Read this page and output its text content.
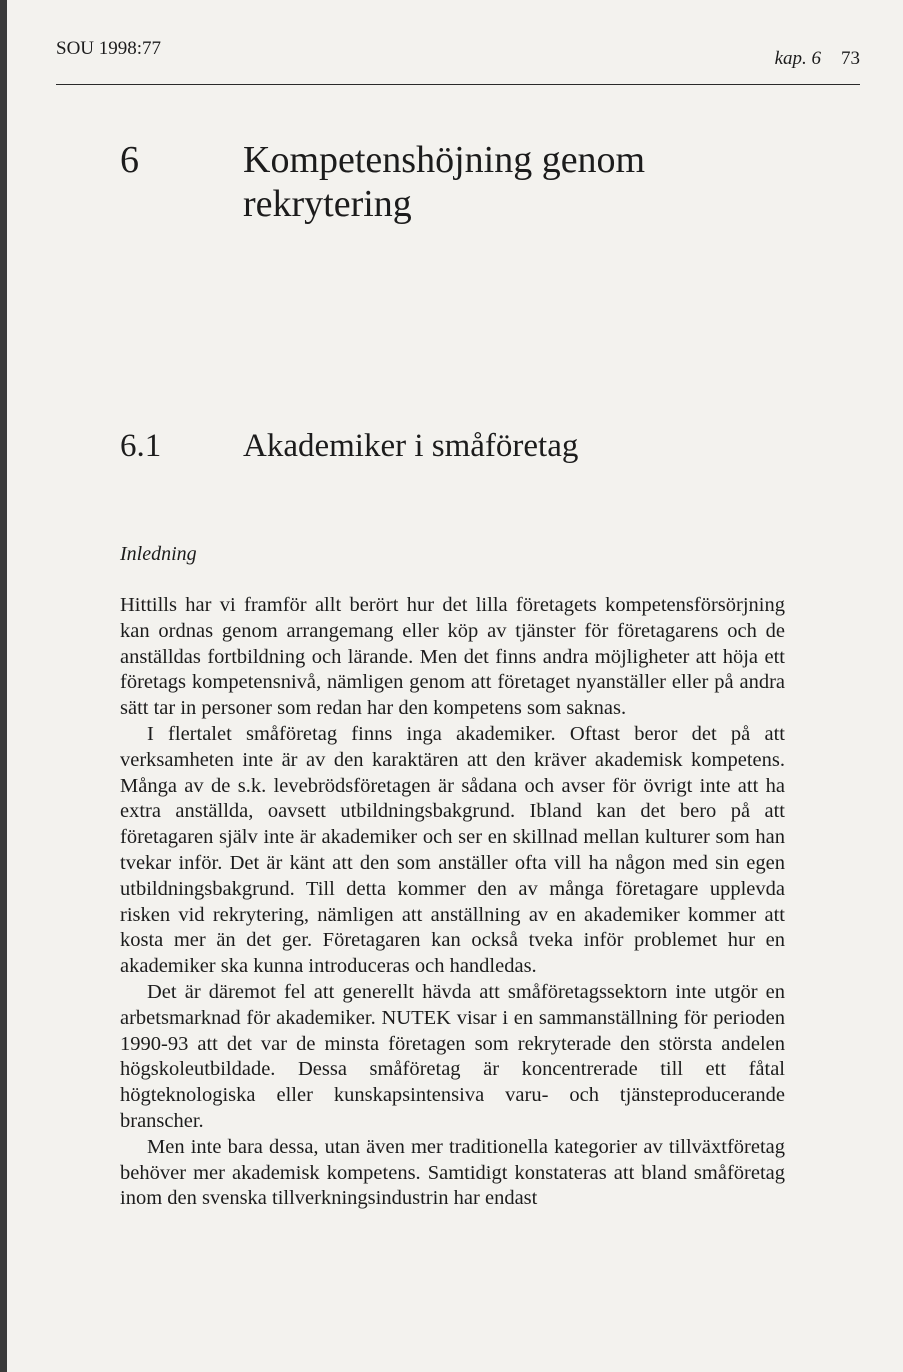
SOU 1998:77	kap. 6 73
6	Kompetenshöjning genom rekrytering
6.1 Akademiker i småföretag
Inledning

Hittills har vi framför allt berört hur det lilla företagets kompetensförsörjning kan ordnas genom arrangemang eller köp av tjänster för företagarens och de anställdas fortbildning och lärande. Men det finns andra möjligheter att höja ett företags kompetensnivå, nämligen genom att företaget nyanställer eller på andra sätt tar in personer som redan har den kompetens som saknas.

I flertalet småföretag finns inga akademiker. Oftast beror det på att verksamheten inte är av den karaktären att den kräver akademisk kompetens. Många av de s.k. levebrödsföretagen är sådana och avser för övrigt inte att ha extra anställda, oavsett utbildningsbakgrund. Ibland kan det bero på att företagaren själv inte är akademiker och ser en skillnad mellan kulturer som han tvekar inför. Det är känt att den som anställer ofta vill ha någon med sin egen utbildningsbakgrund. Till detta kommer den av många företagare upplevda risken vid rekrytering, nämligen att anställning av en akademiker kommer att kosta mer än det ger. Företagaren kan också tveka inför problemet hur en akademiker ska kunna introduceras och handledas.

Det är däremot fel att generellt hävda att småföretagssektorn inte utgör en arbetsmarknad för akademiker. NUTEK visar i en sammanställning för perioden 1990-93 att det var de minsta företagen som rekryterade den största andelen högskoleutbildade. Dessa småföretag är koncentrerade till ett fåtal högteknologiska eller kunskapsintensiva varu- och tjänsteproducerande branscher.

Men inte bara dessa, utan även mer traditionella kategorier av tillväxtföretag behöver mer akademisk kompetens. Samtidigt konstateras att bland småföretag inom den svenska tillverkningsindustrin har endast
